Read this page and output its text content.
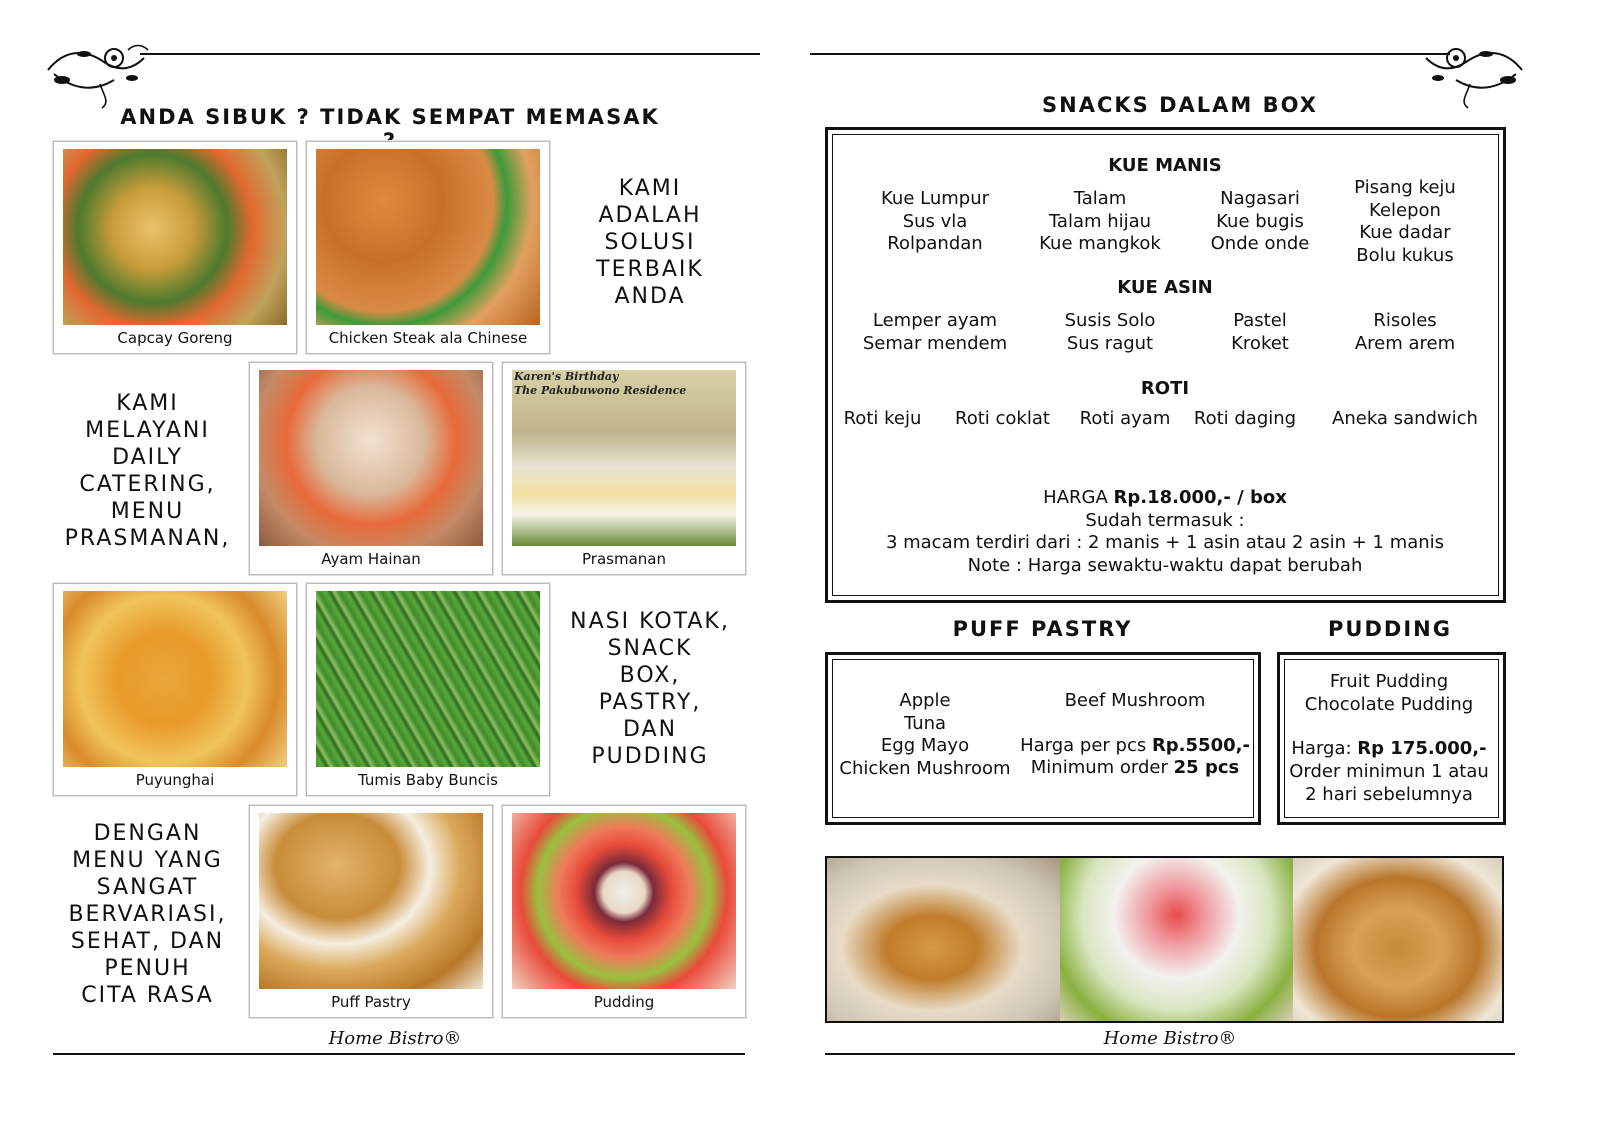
ANDA SIBUK ? TIDAK SEMPAT MEMASAK
Capcay Goreng	Chicken Steak ala Chinese
KAMI
ADALAH
SOLUSI
TERBAIK
ANDA
KAMI
MELAYANI
DAILY
CATERING,
MENU
PRASMANAN,
Ayam Hainan
Karen's Birthday
The Pakubuwono Residence
Prasmanan
Puyunghai	Tumis Baby Buncis
NASI KOTAK,
SNACK
BOX,
PASTRY,
DAN
PUDDING
DENGAN
MENU YANG
SANGAT
BERVARIASI,
SEHAT, DAN
PENUH
CITA RASA	Puff Pastry	Pudding
Home Bistro®
SNACKS DALAM BOX
KUE MANIS
Kue Lumpur
Sus vla
Rolpandan
Talam
Talam hijau
Kue mangkok
Nagasari
Kue bugis
Onde onde
Pisang keju
Kelepon
Kue dadar
Bolu kukus
KUE ASIN
Lemper ayam
Semar mendem
Susis Solo
Sus ragut
Pastel
Kroket
Risoles
Arem arem
ROTI
Roti keju	Roti coklat	Roti ayam	Roti daging	Aneka sandwich
HARGA Rp.18.000,- / box
Sudah termasuk :
3 macam terdiri dari : 2 manis + 1 asin atau 2 asin + 1 manis
Note : Harga sewaktu-waktu dapat berubah
PUFF PASTRY
Apple
Tuna
Egg Mayo
Chicken Mushroom
Beef Mushroom
Harga per pcs Rp.5500,-
Minimum order 25 pcs
PUDDING
Fruit Pudding
Chocolate Pudding
Harga: Rp 175.000,-
Order minimun 1 atau
2 hari sebelumnya
Home Bistro®
